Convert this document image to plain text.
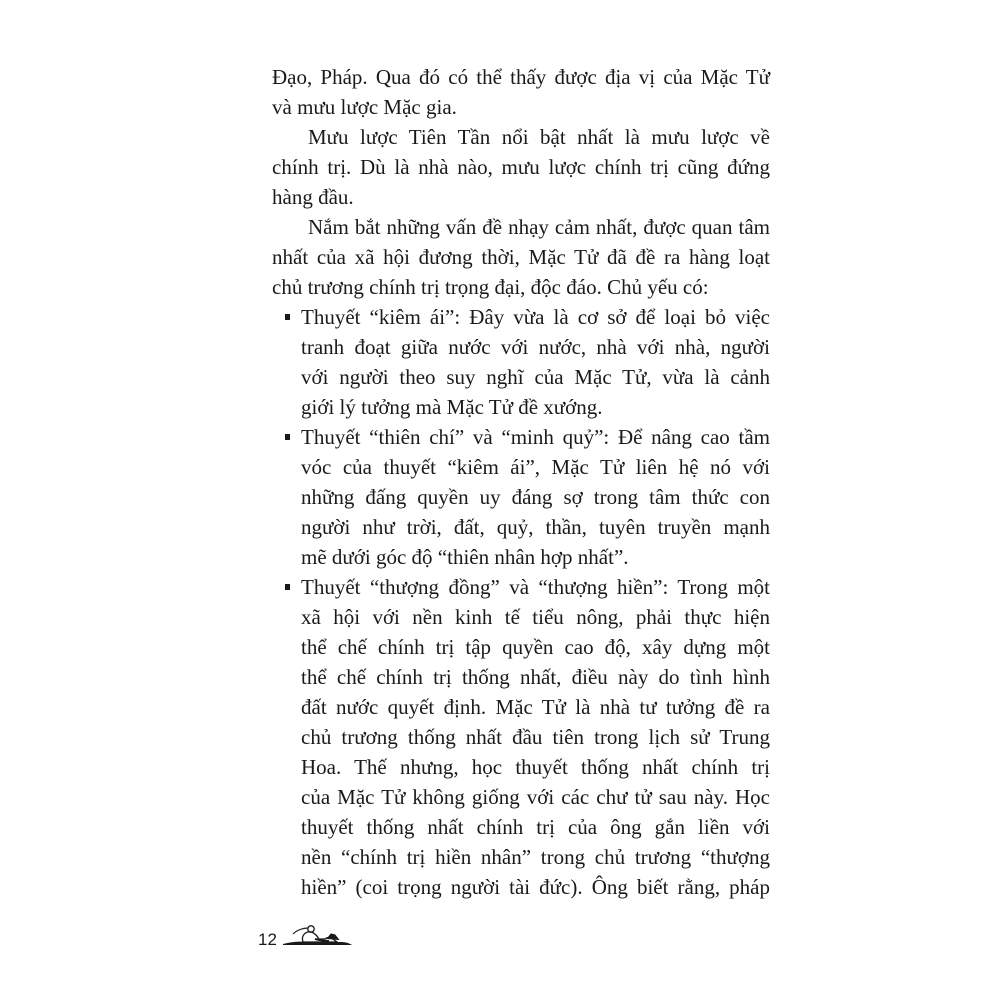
Đạo, Pháp. Qua đó có thể thấy được địa vị của Mặc Tử
và mưu lược Mặc gia.
Mưu lược Tiên Tần nổi bật nhất là mưu lược về
chính trị. Dù là nhà nào, mưu lược chính trị cũng đứng
hàng đầu.
Nắm bắt những vấn đề nhạy cảm nhất, được quan tâm
nhất của xã hội đương thời, Mặc Tử đã đề ra hàng loạt
chủ trương chính trị trọng đại, độc đáo. Chủ yếu có:
Thuyết “kiêm ái”: Đây vừa là cơ sở để loại bỏ việc
tranh đoạt giữa nước với nước, nhà với nhà, người
với người theo suy nghĩ của Mặc Tử, vừa là cảnh
giới lý tưởng mà Mặc Tử đề xướng.
Thuyết “thiên chí” và “minh quỷ”: Để nâng cao tầm
vóc của thuyết “kiêm ái”, Mặc Tử liên hệ nó với
những đấng quyền uy đáng sợ trong tâm thức con
người như trời, đất, quỷ, thần, tuyên truyền mạnh
mẽ dưới góc độ “thiên nhân hợp nhất”.
Thuyết “thượng đồng” và “thượng hiền”: Trong một
xã hội với nền kinh tế tiểu nông, phải thực hiện
thể chế chính trị tập quyền cao độ, xây dựng một
thể chế chính trị thống nhất, điều này do tình hình
đất nước quyết định. Mặc Tử là nhà tư tưởng đề ra
chủ trương thống nhất đầu tiên trong lịch sử Trung
Hoa. Thế nhưng, học thuyết thống nhất chính trị
của Mặc Tử không giống với các chư tử sau này. Học
thuyết thống nhất chính trị của ông gắn liền với
nền “chính trị hiền nhân” trong chủ trương “thượng
hiền” (coi trọng người tài đức). Ông biết rằng, pháp
12
